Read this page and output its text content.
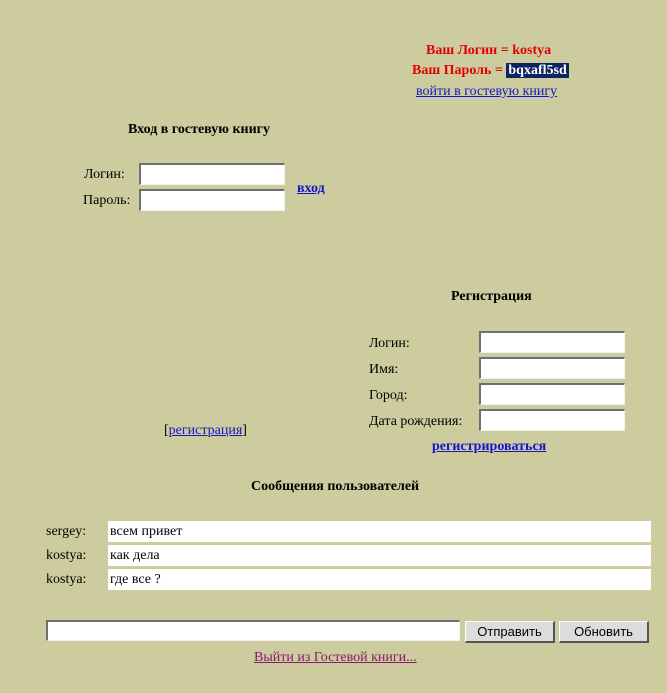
Ваш Логин = kostya
Ваш Пароль = bqxafl5sd
войти в гостевую книгу
Вход в гостевую книгу
Логин:
Пароль:
вход
Регистрация
Логин:
Имя:
Город:
Дата рождения:
регистрироваться
[регистрация]
Сообщения пользователей
sergey: всем привет
kostya: как дела
kostya: где все ?
Отправить	Обновить
Выйти из Гостевой книги...
